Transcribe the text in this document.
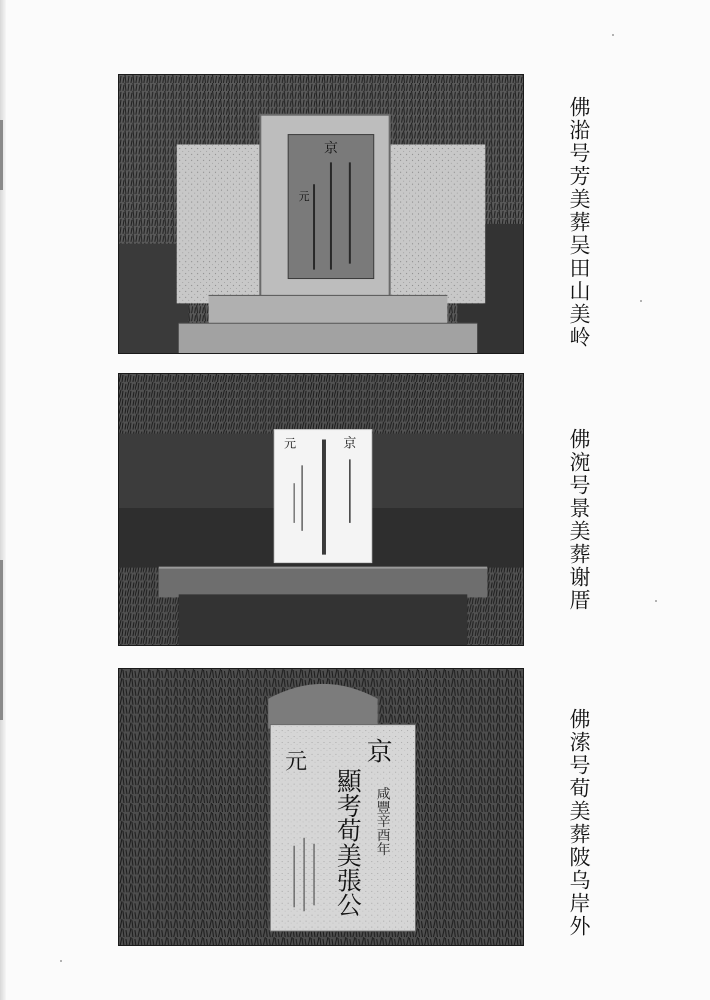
京
元
京
元
京
元
顯考荀美張公 咸豐辛酉年
佛湁号芳美葬吴田山美岭
佛涴号景美葬谢厝
佛溹号荀美葬陂乌岸外
